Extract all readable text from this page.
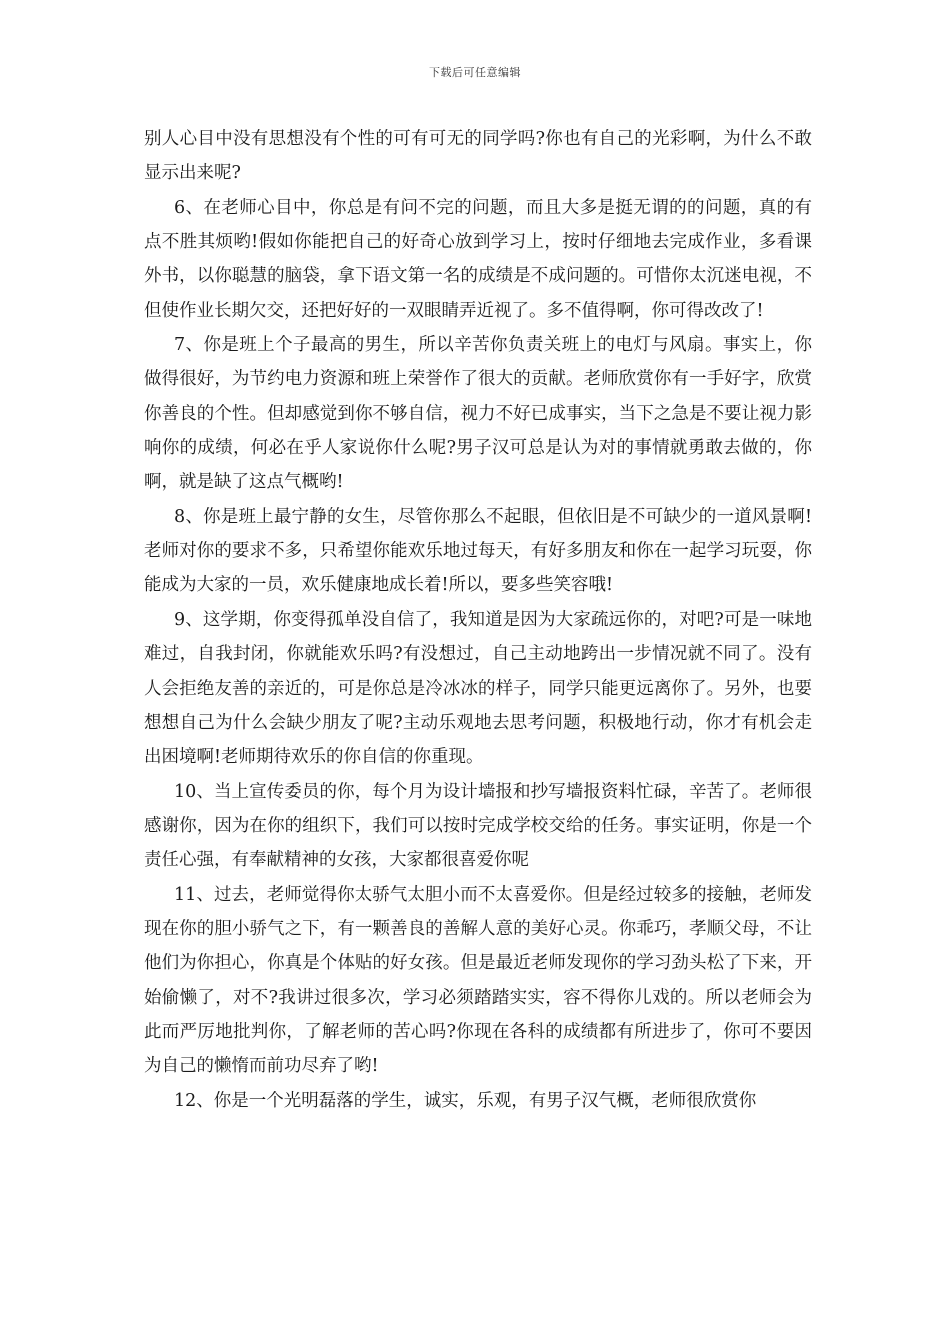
下载后可任意编辑

别人心目中没有思想没有个性的可有可无的同学吗?你也有自己的光彩啊，为什么不敢显示出来呢?

6、在老师心目中，你总是有问不完的问题，而且大多是挺无谓的的问题，真的有点不胜其烦哟!假如你能把自己的好奇心放到学习上，按时仔细地去完成作业，多看课外书，以你聪慧的脑袋，拿下语文第一名的成绩是不成问题的。可惜你太沉迷电视，不但使作业长期欠交，还把好好的一双眼睛弄近视了。多不值得啊，你可得改改了!

7、你是班上个子最高的男生，所以辛苦你负责关班上的电灯与风扇。事实上，你做得很好，为节约电力资源和班上荣誉作了很大的贡献。老师欣赏你有一手好字，欣赏你善良的个性。但却感觉到你不够自信，视力不好已成事实，当下之急是不要让视力影响你的成绩，何必在乎人家说你什么呢?男子汉可总是认为对的事情就勇敢去做的，你啊，就是缺了这点气概哟!

8、你是班上最宁静的女生，尽管你那么不起眼，但依旧是不可缺少的一道风景啊!老师对你的要求不多，只希望你能欢乐地过每天，有好多朋友和你在一起学习玩耍，你能成为大家的一员，欢乐健康地成长着!所以，要多些笑容哦!

9、这学期，你变得孤单没自信了，我知道是因为大家疏远你的，对吧?可是一味地难过，自我封闭，你就能欢乐吗?有没想过，自己主动地跨出一步情况就不同了。没有人会拒绝友善的亲近的，可是你总是冷冰冰的样子，同学只能更远离你了。另外，也要想想自己为什么会缺少朋友了呢?主动乐观地去思考问题，积极地行动，你才有机会走出困境啊!老师期待欢乐的你自信的你重现。

10、当上宣传委员的你，每个月为设计墙报和抄写墙报资料忙碌，辛苦了。老师很感谢你，因为在你的组织下，我们可以按时完成学校交给的任务。事实证明，你是一个责任心强，有奉献精神的女孩，大家都很喜爱你呢

11、过去，老师觉得你太骄气太胆小而不太喜爱你。但是经过较多的接触，老师发现在你的胆小骄气之下，有一颗善良的善解人意的美好心灵。你乖巧，孝顺父母，不让他们为你担心，你真是个体贴的好女孩。但是最近老师发现你的学习劲头松了下来，开始偷懒了，对不?我讲过很多次，学习必须踏踏实实，容不得你儿戏的。所以老师会为此而严厉地批判你，了解老师的苦心吗?你现在各科的成绩都有所进步了，你可不要因为自己的懒惰而前功尽弃了哟!

12、你是一个光明磊落的学生，诚实，乐观，有男子汉气概，老师很欣赏你
